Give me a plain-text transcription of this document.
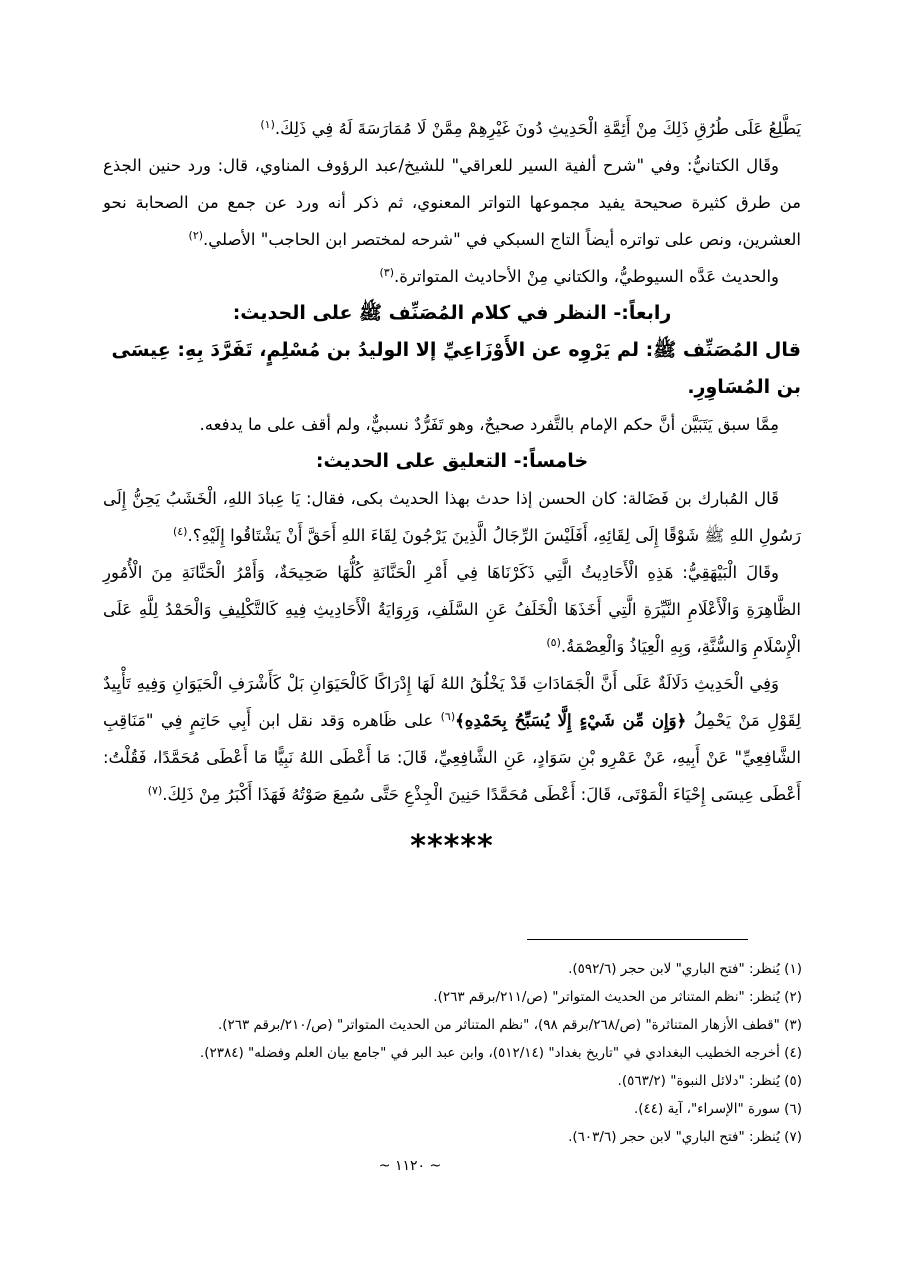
يَطَّلِعُ عَلَى طُرُقِ ذَلِكَ مِنْ أَئِمَّةِ الْحَدِيثِ دُونَ غَيْرِهِمْ مِمَّنْ لَا مُمَارَسَةَ لَهُ فِي ذَلِكَ.$^{(١)}$

وقَال الكتانيُّ: وفي "شرح ألفية السير للعراقي" للشيخ/عبد الرؤوف المناوي، قال: ورد حنين الجذع من طرق كثيرة صحيحة يفيد مجموعها التواتر المعنوي، ثم ذكر أنه ورد عن جمع من الصحابة نحو العشرين، ونص على تواتره أيضاً التاج السبكي في "شرحه لمختصر ابن الحاجب" الأصلي.$^{(٢)}$

والحديث عَدَّه السيوطيُّ، والكتاني مِنْ الأحاديث المتواترة.$^{(٣)}$

رابعاً:- النظر في كلام المُصَنِّف ﷺ على الحديث:
قال المُصَنِّف ﷺ: لم يَرْوِه عن الأَوْزَاعِيِّ إلا الوليدُ بن مُسْلِمٍ، تَفَرَّدَ بِهِ: عِيسَى بن المُسَاوِرِ.

مِمَّا سبق يَتَبَيَّن أنَّ حكم الإمام بالتَّفرد صحيحٌ، وهو تَفَرُّدٌ نسبيٌّ، ولم أقف على ما يدفعه.

خامساً:- التعليق على الحديث:

قَال المُبارك بن فَضَالة: كان الحسن إذا حدث بهذا الحديث بكى، فقال: يَا عِبادَ اللهِ، الْخَشَبُ يَحِنُّ إِلَى رَسُولِ اللهِ ﷺ شَوْقًا إِلَى لِقَائِهِ، أَفَلَيْسَ الرِّجَالُ الَّذِينَ يَرْجُونَ لِقَاءَ اللهِ أَحَقَّ أَنْ يَشْتَاقُوا إِلَيْهِ؟.$^{(٤)}$

وقَالَ الْبَيْهَقِيُّ: هَذِهِ الْأَحَادِيثُ الَّتِي ذَكَرْنَاهَا فِي أَمْرِ الْحَنَّانَةِ كُلُّهَا صَحِيحَةٌ، وَأَمْرُ الْحَنَّانَةِ مِنَ الْأُمُورِ الظَّاهِرَةِ وَالْأَعْلَامِ النَّيِّرَةِ الَّتِي أَخَذَهَا الْخَلَفُ عَنِ السَّلَفِ، وَرِوَايَةُ الْأَحَادِيثِ فِيهِ كَالتَّكْلِيفِ وَالْحَمْدُ لِلَّهِ عَلَى الْإِسْلَامِ وَالسُّنَّةِ، وَبِهِ الْعِيَاذُ وَالْعِصْمَةُ.$^{(٥)}$

وَفِي الْحَدِيثِ دَلَالَةٌ عَلَى أَنَّ الْجَمَادَاتِ قَدْ يَخْلُقُ اللهُ لَهَا إِدْرَاكًا كَالْحَيَوَانِ بَلْ كَأَشْرَفِ الْحَيَوَانِ وَفِيهِ تَأْيِيدٌ لِقَوْلِ مَنْ يَحْمِلُ ﴿وَإِن مِّن شَيْءٍ إِلَّا يُسَبِّحُ بِحَمْدِهِ﴾$^{(٦)}$ على ظَاهره وَقد نقل ابن أَبِي حَاتِمٍ فِي "مَنَاقِبِ الشَّافِعِيِّ" عَنْ أَبِيهِ، عَنْ عَمْرِو بْنِ سَوَادٍ، عَنِ الشَّافِعِيِّ، قَالَ: مَا أَعْطَى اللهُ نَبِيًّا مَا أَعْطَى مُحَمَّدًا، فَقُلْتُ: أَعْطَى عِيسَى إِحْيَاءَ الْمَوْتَى، قَالَ: أَعْطَى مُحَمَّدًا حَنِينَ الْجِذْعِ حَتَّى سُمِعَ صَوْتُهُ فَهَذَا أَكْبَرُ مِنْ ذَلِكَ.$^{(٧)}$

*****
(١) يُنظر: "فتح الباري" لابن حجر (٥٩٢/٦).
(٢) يُنظر: "نظم المتناثر من الحديث المتواتر" (ص/٢١١/برقم ٢٦٣).
(٣) "قطف الأزهار المتناثرة" (ص/٢٦٨/برقم ٩٨)، "نظم المتناثر من الحديث المتواتر" (ص/٢١٠/برقم ٢٦٣).
(٤) أخرجه الخطيب البغدادي في "تاريخ بغداد" (٥١٢/١٤)، وابن عبد البر في "جامع بيان العلم وفضله" (٢٣٨٤).
(٥) يُنظر: "دلائل النبوة" (٥٦٣/٢).
(٦) سورة "الإسراء"، آية (٤٤).
(٧) يُنظر: "فتح الباري" لابن حجر (٦٠٣/٦).
~ ١١٢٠ ~
